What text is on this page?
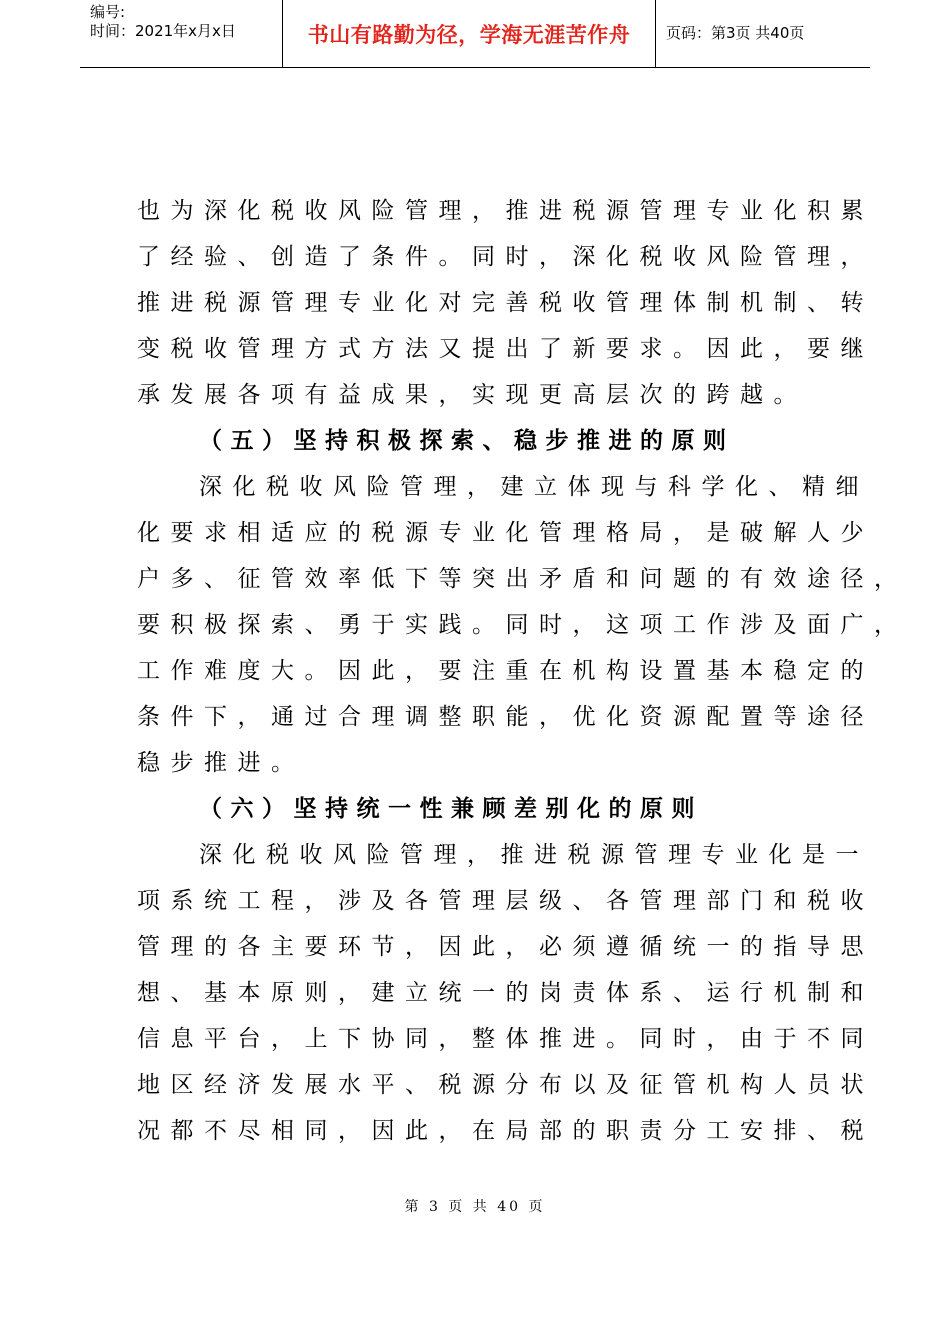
编号:
时间：2021年x月x日	书山有路勤为径，学海无涯苦作舟	页码：第3页 共40页
也为深化税收风险管理，推进税源管理专业化积累
了经验、创造了条件。同时，深化税收风险管理，
推进税源管理专业化对完善税收管理体制机制、转
变税收管理方式方法又提出了新要求。因此，要继
承发展各项有益成果，实现更高层次的跨越。
（五）坚持积极探索、稳步推进的原则
深化税收风险管理，建立体现与科学化、精细
化要求相适应的税源专业化管理格局，是破解人少
户多、征管效率低下等突出矛盾和问题的有效途径，
要积极探索、勇于实践。同时，这项工作涉及面广，
工作难度大。因此，要注重在机构设置基本稳定的
条件下，通过合理调整职能，优化资源配置等途径
稳步推进。
（六）坚持统一性兼顾差别化的原则
深化税收风险管理，推进税源管理专业化是一
项系统工程，涉及各管理层级、各管理部门和税收
管理的各主要环节，因此，必须遵循统一的指导思
想、基本原则，建立统一的岗责体系、运行机制和
信息平台，上下协同，整体推进。同时，由于不同
地区经济发展水平、税源分布以及征管机构人员状
况都不尽相同，因此，在局部的职责分工安排、税
第 3 页 共 40 页
